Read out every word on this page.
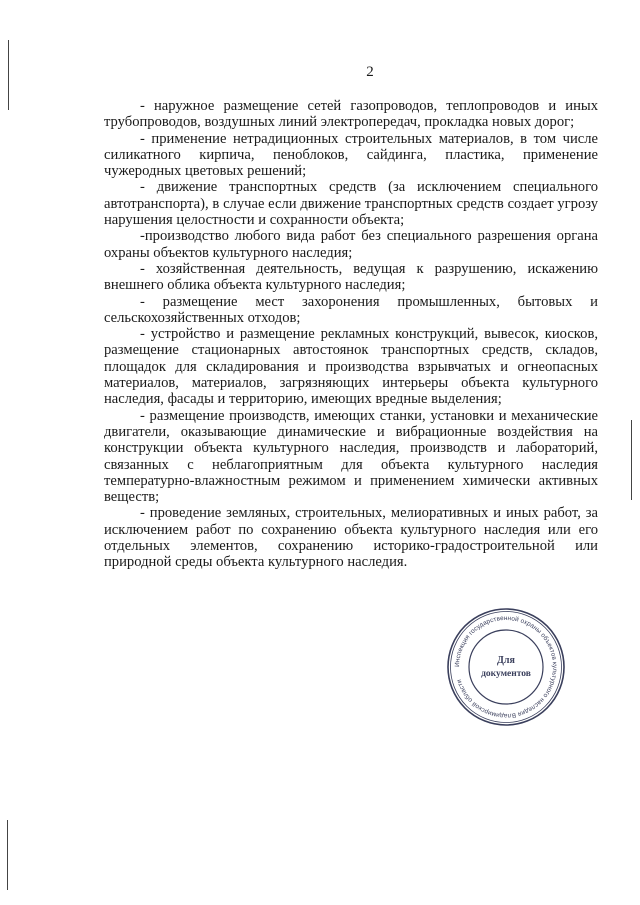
2

- наружное размещение сетей газопроводов, теплопроводов и иных трубопроводов, воздушных линий электропередач, прокладка новых дорог;

- применение нетрадиционных строительных материалов, в том числе силикатного кирпича, пеноблоков, сайдинга, пластика, применение чужеродных цветовых решений;

- движение транспортных средств (за исключением специального автотранспорта), в случае если движение транспортных средств создает угрозу нарушения целостности и сохранности объекта;

-производство любого вида работ без специального разрешения органа охраны объектов культурного наследия;

- хозяйственная деятельность, ведущая к разрушению, искажению внешнего облика объекта культурного наследия;

- размещение мест захоронения промышленных, бытовых и сельскохозяйственных отходов;

- устройство и размещение рекламных конструкций, вывесок, киосков, размещение стационарных автостоянок транспортных средств, складов, площадок для складирования и производства взрывчатых и огнеопасных материалов, материалов, загрязняющих интерьеры объекта культурного наследия, фасады и территорию, имеющих вредные выделения;

- размещение производств, имеющих станки, установки и механические двигатели, оказывающие динамические и вибрационные воздействия на конструкции объекта культурного наследия, производств и лабораторий, связанных с неблагоприятным для объекта культурного наследия температурно-влажностным режимом и применением химически активных веществ;

- проведение земляных, строительных, мелиоративных и иных работ, за исключением работ по сохранению объекта культурного наследия или его отдельных элементов, сохранению историко-градостроительной или природной среды объекта культурного наследия.

Инспекция государственной охраны объектов культурного наследия Владимирской области
Для
документов
